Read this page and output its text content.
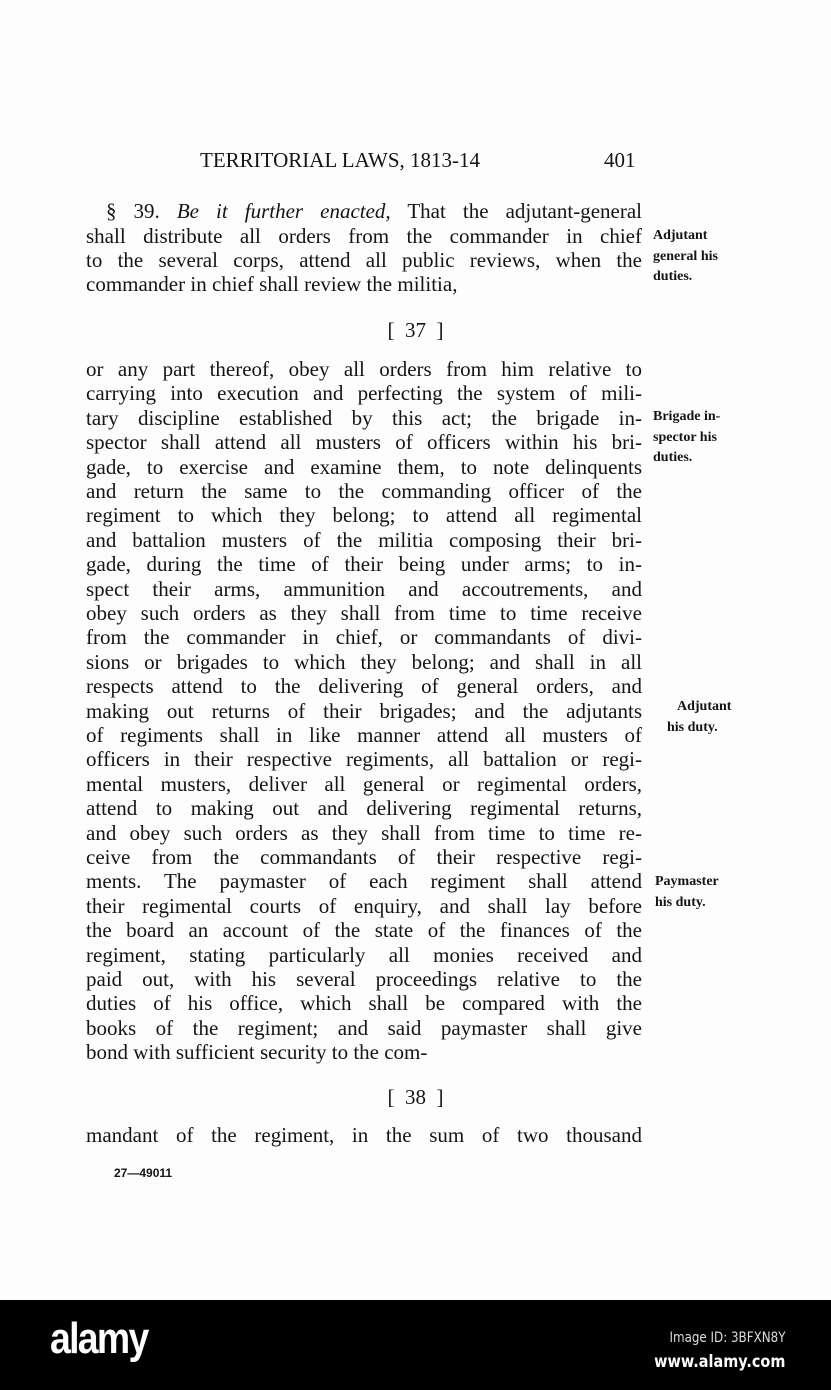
TERRITORIAL LAWS, 1813-14	401
§ 39. Be it further enacted, That the adjutant-general
shall distribute all orders from the commander in chief
to the several corps, attend all public reviews, when the
commander in chief shall review the militia,
[  37  ]
or any part thereof, obey all orders from him relative to
carrying into execution and perfecting the system of mili-
tary discipline established by this act; the brigade in-
spector shall attend all musters of officers within his bri-
gade, to exercise and examine them, to note delinquents
and return the same to the commanding officer of the
regiment to which they belong; to attend all regimental
and battalion musters of the militia composing their bri-
gade, during the time of their being under arms; to in-
spect their arms, ammunition and accoutrements, and
obey such orders as they shall from time to time receive
from the commander in chief, or commandants of divi-
sions or brigades to which they belong; and shall in all
respects attend to the delivering of general orders, and
making out returns of their brigades; and the adjutants
of regiments shall in like manner attend all musters of
officers in their respective regiments, all battalion or regi-
mental musters, deliver all general or regimental orders,
attend to making out and delivering regimental returns,
and obey such orders as they shall from time to time re-
ceive from the commandants of their respective regi-
ments. The paymaster of each regiment shall attend
their regimental courts of enquiry, and shall lay before
the board an account of the state of the finances of the
regiment, stating particularly all monies received and
paid out, with his several proceedings relative to the
duties of his office, which shall be compared with the
books of the regiment; and said paymaster shall give
bond with sufficient security to the com-
[  38  ]
mandant of the regiment, in the sum of two thousand
Adjutant
general his
duties.
Brigade in-
spector his
duties.
Adjutant
his duty.
Paymaster
his duty.
27—49011
alamy	Image ID: 3BFXN8Y
www.alamy.com
